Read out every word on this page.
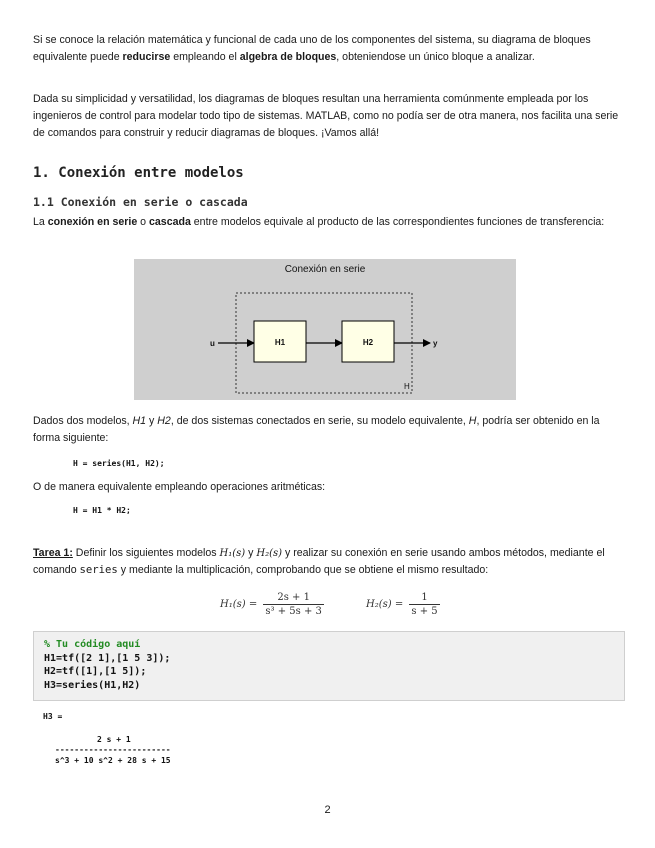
Si se conoce la relación matemática y funcional de cada uno de los componentes del sistema, su diagrama de bloques equivalente puede reducirse empleando el algebra de bloques, obteniendose un único bloque a analizar.

Dada su simplicidad y versatilidad, los diagramas de bloques resultan una herramienta comúnmente empleada por los ingenieros de control para modelar todo tipo de sistemas. MATLAB, como no podía ser de otra manera, nos facilita una serie de comandos para construir y reducir diagramas de bloques. ¡Vamos allá!

1. Conexión entre modelos
1.1 Conexión en serie o cascada

La conexión en serie o cascada entre modelos equivale al producto de las correspondientes funciones de transferencia:

Conexión en serie
H
u	H1	H2	y

Dados dos modelos, H1 y H2, de dos sistemas conectados en serie, su modelo equivalente, H, podría ser obtenido en la forma siguiente:

H = series(H1, H2);

O de manera equivalente empleando operaciones aritméticas:

H = H1 * H2;

Tarea 1: Definir los siguientes modelos H₁(s) y H₂(s) y realizar su conexión en serie usando ambos métodos, mediante el comando series y mediante la multiplicación, comprobando que se obtiene el mismo resultado:

$H_1(s) = \frac{2s + 1}{\text{s³ + 5s + 3}}$	$H_2(s) = \frac{1}{s + 5}$
% Tu código aquí
H1=tf([2 1],[1 5 3]);
H2=tf([1],[1 5]);
H3=series(H1,H2)
H3 =
2 s + 1
------------------------
s^3 + 10 s^2 + 28 s + 15
2
